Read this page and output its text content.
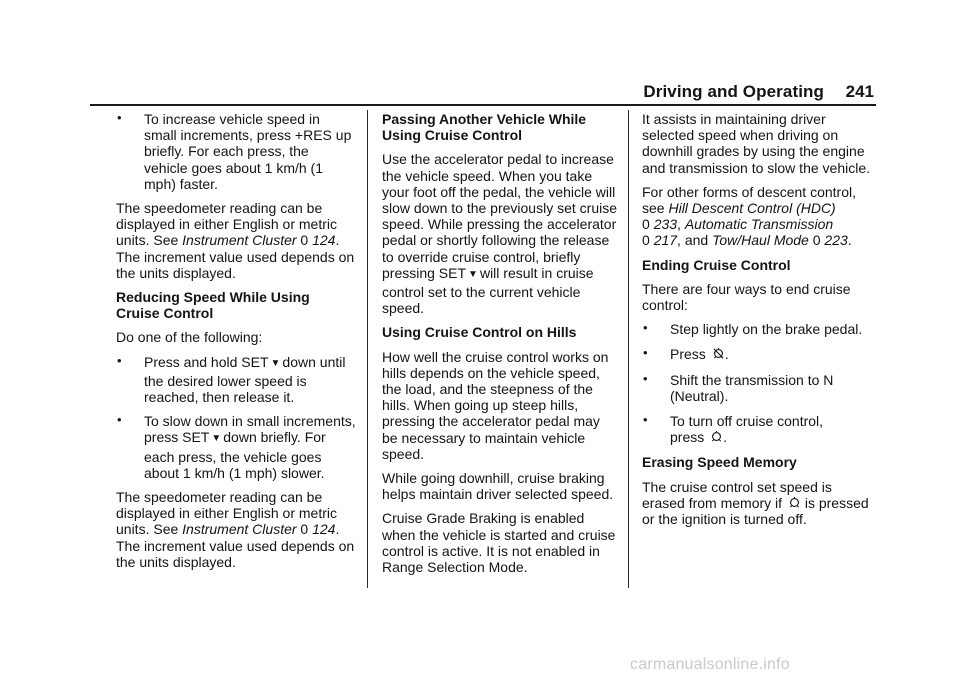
Driving and Operating 241
• To increase vehicle speed in small increments, press +RES up briefly. For each press, the vehicle goes about 1 km/h (1 mph) faster.

The speedometer reading can be displayed in either English or metric units. See Instrument Cluster 0 124. The increment value used depends on the units displayed.

Reducing Speed While Using Cruise Control

Do one of the following:

• Press and hold SET ▼ down until the desired lower speed is reached, then release it.
• To slow down in small increments, press SET ▼ down briefly. For each press, the vehicle goes about 1 km/h (1 mph) slower.

The speedometer reading can be displayed in either English or metric units. See Instrument Cluster 0 124. The increment value used depends on the units displayed.

Passing Another Vehicle While Using Cruise Control

Use the accelerator pedal to increase the vehicle speed. When you take your foot off the pedal, the vehicle will slow down to the previously set cruise speed. While pressing the accelerator pedal or shortly following the release to override cruise control, briefly pressing SET ▼ will result in cruise control set to the current vehicle speed.

Using Cruise Control on Hills

How well the cruise control works on hills depends on the vehicle speed, the load, and the steepness of the hills. When going up steep hills, pressing the accelerator pedal may be necessary to maintain vehicle speed.

While going downhill, cruise braking helps maintain driver selected speed.

Cruise Grade Braking is enabled when the vehicle is started and cruise control is active. It is not enabled in Range Selection Mode.

It assists in maintaining driver selected speed when driving on downhill grades by using the engine and transmission to slow the vehicle.

For other forms of descent control, see Hill Descent Control (HDC)
0 233, Automatic Transmission
0 217, and Tow/Haul Mode 0 223.

Ending Cruise Control

There are four ways to end cruise control:

• Step lightly on the brake pedal.
• Press .
• Shift the transmission to N (Neutral).
• To turn off cruise control,
press .
Erasing Speed Memory

The cruise control set speed is erased from memory if is pressed or the ignition is turned off.

carmanualsonline.info
